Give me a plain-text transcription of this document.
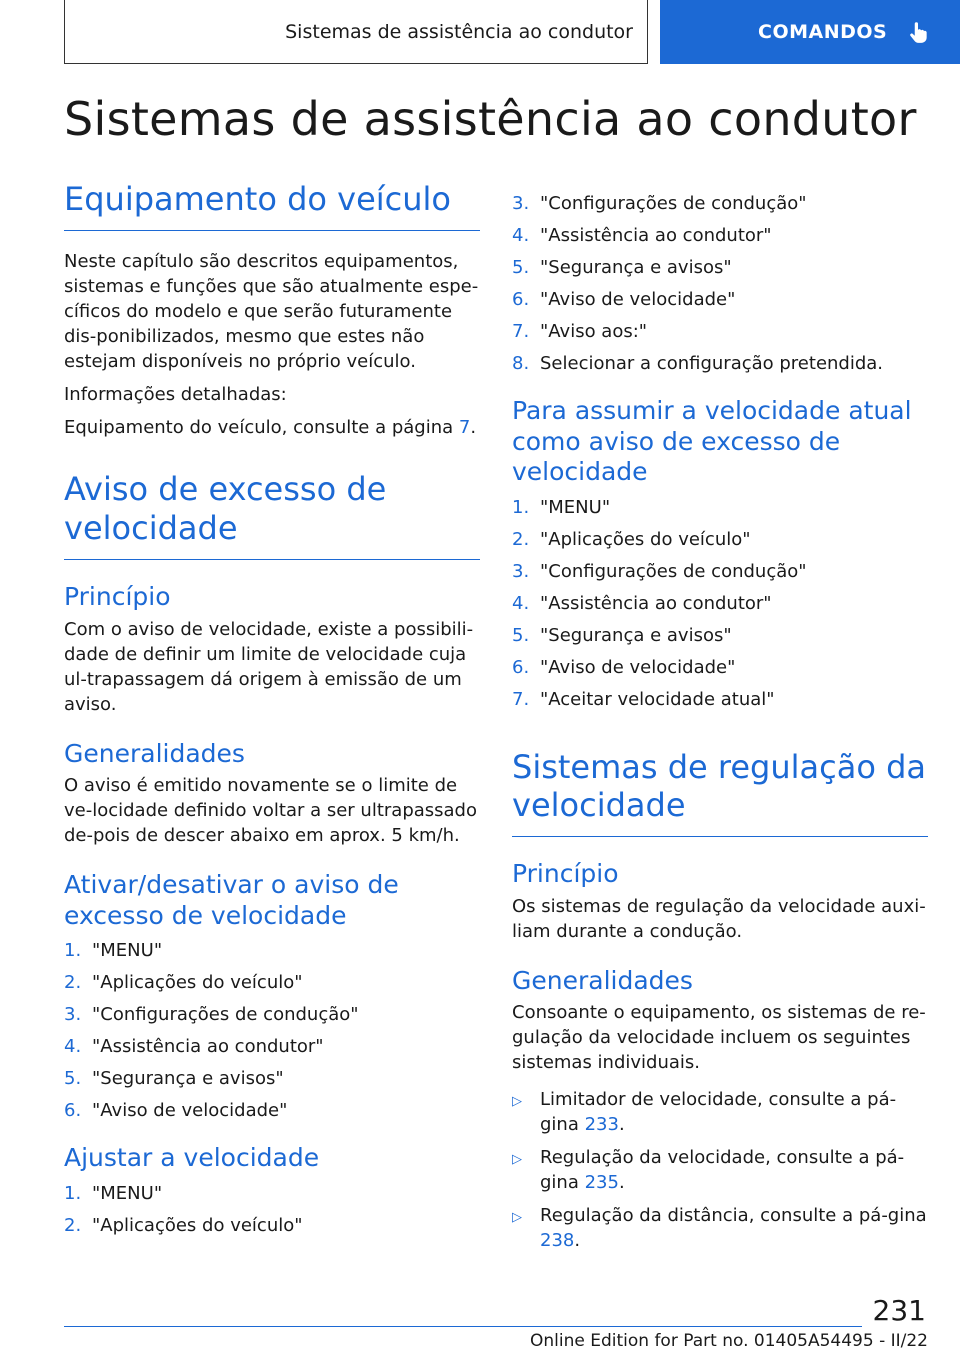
Sistemas de assistência ao condutor	COMANDOS
Sistemas de assistência ao condutor
Equipamento do veículo

Neste capítulo são descritos equipamentos, sistemas e funções que são atualmente espe-cíficos do modelo e que serão futuramente dis-ponibilizados, mesmo que estes não estejam disponíveis no próprio veículo.

Informações detalhadas:

Equipamento do veículo, consulte a página 7.

Aviso de excesso de velocidade
Princípio

Com o aviso de velocidade, existe a possibili-dade de definir um limite de velocidade cuja ul-trapassagem dá origem à emissão de um aviso.

Generalidades

O aviso é emitido novamente se o limite de ve-locidade definido voltar a ser ultrapassado de-pois de descer abaixo em aprox. 5 km/h.

Ativar/desativar o aviso de excesso de velocidade
1. "MENU"
2. "Aplicações do veículo"
3. "Configurações de condução"
4. "Assistência ao condutor"
5. "Segurança e avisos"
6. "Aviso de velocidade"
Ajustar a velocidade
1. "MENU"
2. "Aplicações do veículo"
3. "Configurações de condução"
4. "Assistência ao condutor"
5. "Segurança e avisos"
6. "Aviso de velocidade"
7. "Aviso aos:"
8. Selecionar a configuração pretendida.
Para assumir a velocidade atual como aviso de excesso de velocidade
1. "MENU"
2. "Aplicações do veículo"
3. "Configurações de condução"
4. "Assistência ao condutor"
5. "Segurança e avisos"
6. "Aviso de velocidade"
7. "Aceitar velocidade atual"
Sistemas de regulação da velocidade
Princípio

Os sistemas de regulação da velocidade auxi-liam durante a condução.

Generalidades

Consoante o equipamento, os sistemas de re-gulação da velocidade incluem os seguintes sistemas individuais.

▷	Limitador de velocidade, consulte a pá-gina 233.
▷	Regulação da velocidade, consulte a pá-gina 235.
▷	Regulação da distância, consulte a pá-gina 238.
231
Online Edition for Part no. 01405A54495 - II/22
